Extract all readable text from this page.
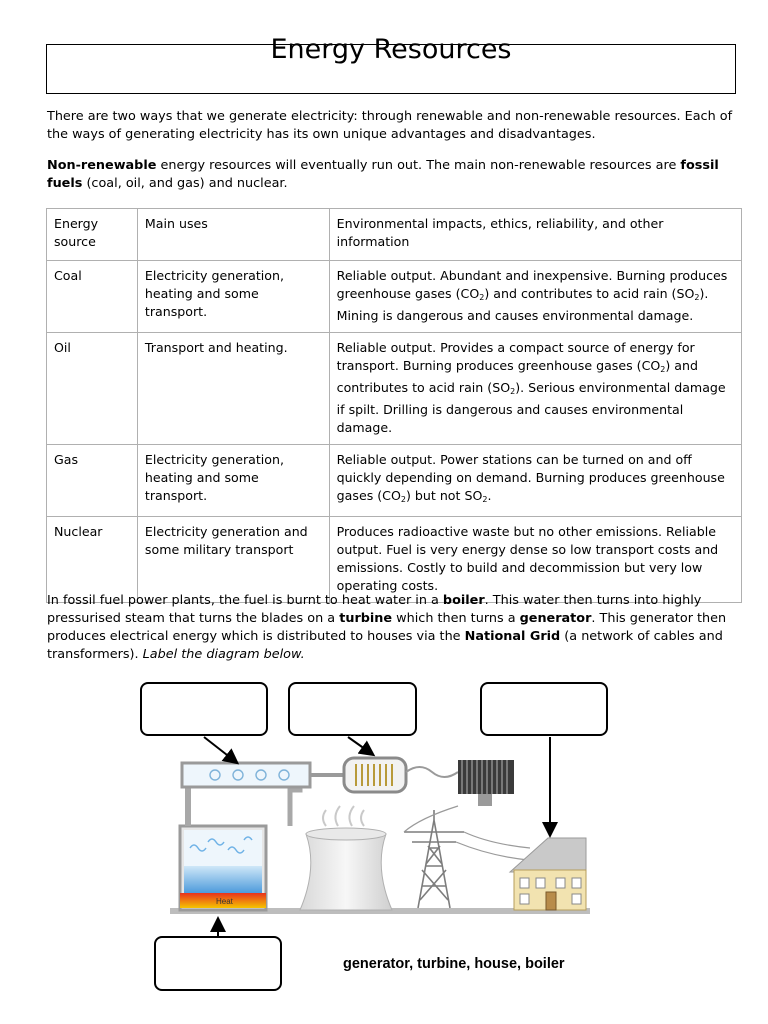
Energy Resources

There are two ways that we generate electricity: through renewable and non-renewable resources. Each of the ways of generating electricity has its own unique advantages and disadvantages.

Non-renewable energy resources will eventually run out. The main non-renewable resources are fossil fuels (coal, oil, and gas) and nuclear.

Energy source	Main uses	Environmental impacts, ethics, reliability, and other information
Coal	Electricity generation, heating and some transport.	Reliable output. Abundant and inexpensive. Burning produces greenhouse gases $(CO_2)$ and contributes to acid rain $(SO_2)$. Mining is dangerous and causes environmental damage.
Oil	Transport and heating.	Reliable output. Provides a compact source of energy for transport. Burning produces greenhouse gases $(CO_2)$ and contributes to acid rain $(SO_2)$. Serious environmental damage if spilt. Drilling is dangerous and causes environmental damage.
Gas	Electricity generation, heating and some transport.	Reliable output. Power stations can be turned on and off quickly depending on demand. Burning produces greenhouse gases $(CO_2)$ but not $SO_2$.
Nuclear	Electricity generation and some military transport	Produces radioactive waste but no other emissions. Reliable output. Fuel is very energy dense so low transport costs and emissions. Costly to build and decommission but very low operating costs.

In fossil fuel power plants, the fuel is burnt to heat water in a boiler. This water then turns into highly pressurised steam that turns the blades on a turbine which then turns a generator. This generator then produces electrical energy which is distributed to houses via the National Grid (a network of cables and transformers). Label the diagram below.

Heat
generator, turbine, house, boiler
